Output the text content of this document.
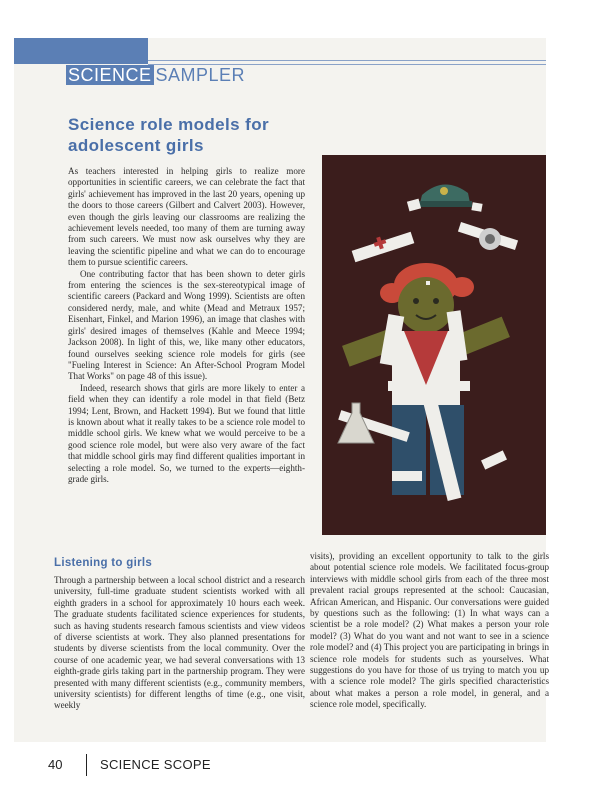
SCIENCE SAMPLER
Science role models for adolescent girls

As teachers interested in helping girls to realize more opportunities in scientific careers, we can celebrate the fact that girls' achievement has improved in the last 20 years, opening up the doors to those careers (Gilbert and Calvert 2003). However, even though the girls leaving our classrooms are realizing the achievement levels needed, too many of them are turning away from such careers. We must now ask ourselves why they are leaving the scientific pipeline and what we can do to encourage them to pursue scientific careers.

One contributing factor that has been shown to deter girls from entering the sciences is the sex-stereotypical image of scientific careers (Packard and Wong 1999). Scientists are often considered nerdy, male, and white (Mead and Metraux 1957; Eisenhart, Finkel, and Marion 1996), an image that clashes with girls' desired images of themselves (Kahle and Meece 1994; Jackson 2008). In light of this, we, like many other educators, found ourselves seeking science role models for girls (see "Fueling Interest in Science: An After-School Program Model That Works" on page 48 of this issue).

Indeed, research shows that girls are more likely to enter a field when they can identify a role model in that field (Betz 1994; Lent, Brown, and Hackett 1994). But we found that little is known about what it really takes to be a science role model to middle school girls. We knew what we would perceive to be a good science role model, but were also very aware of the fact that middle school girls may find different qualities important in selecting a role model. So, we turned to the experts—eighth-grade girls.

Listening to girls

Through a partnership between a local school district and a research university, full-time graduate student scientists worked with all eighth graders in a school for approximately 10 hours each week. The graduate students facilitated science experiences for students, such as having students research famous scientists and view videos of diverse scientists at work. They also planned presentations for students by diverse scientists from the local community. Over the course of one academic year, we had several conversations with 13 eighth-grade girls taking part in the partnership program. They were presented with many different scientists (e.g., community members, university scientists) for different lengths of time (e.g., one visit, weekly

visits), providing an excellent opportunity to talk to the girls about potential science role models. We facilitated focus-group interviews with middle school girls from each of the three most prevalent racial groups represented at the school: Caucasian, African American, and Hispanic. Our conversations were guided by questions such as the following: (1) In what ways can a scientist be a role model? (2) What makes a person your role model? (3) What do you want and not want to see in a science role model? and (4) This project you are participating in brings in science role models for students such as yourselves. What suggestions do you have for those of us trying to match you up with a science role model? The girls specified characteristics about what makes a person a role model, in general, and a science role model, specifically.

40	SCIENCE SCOPE
